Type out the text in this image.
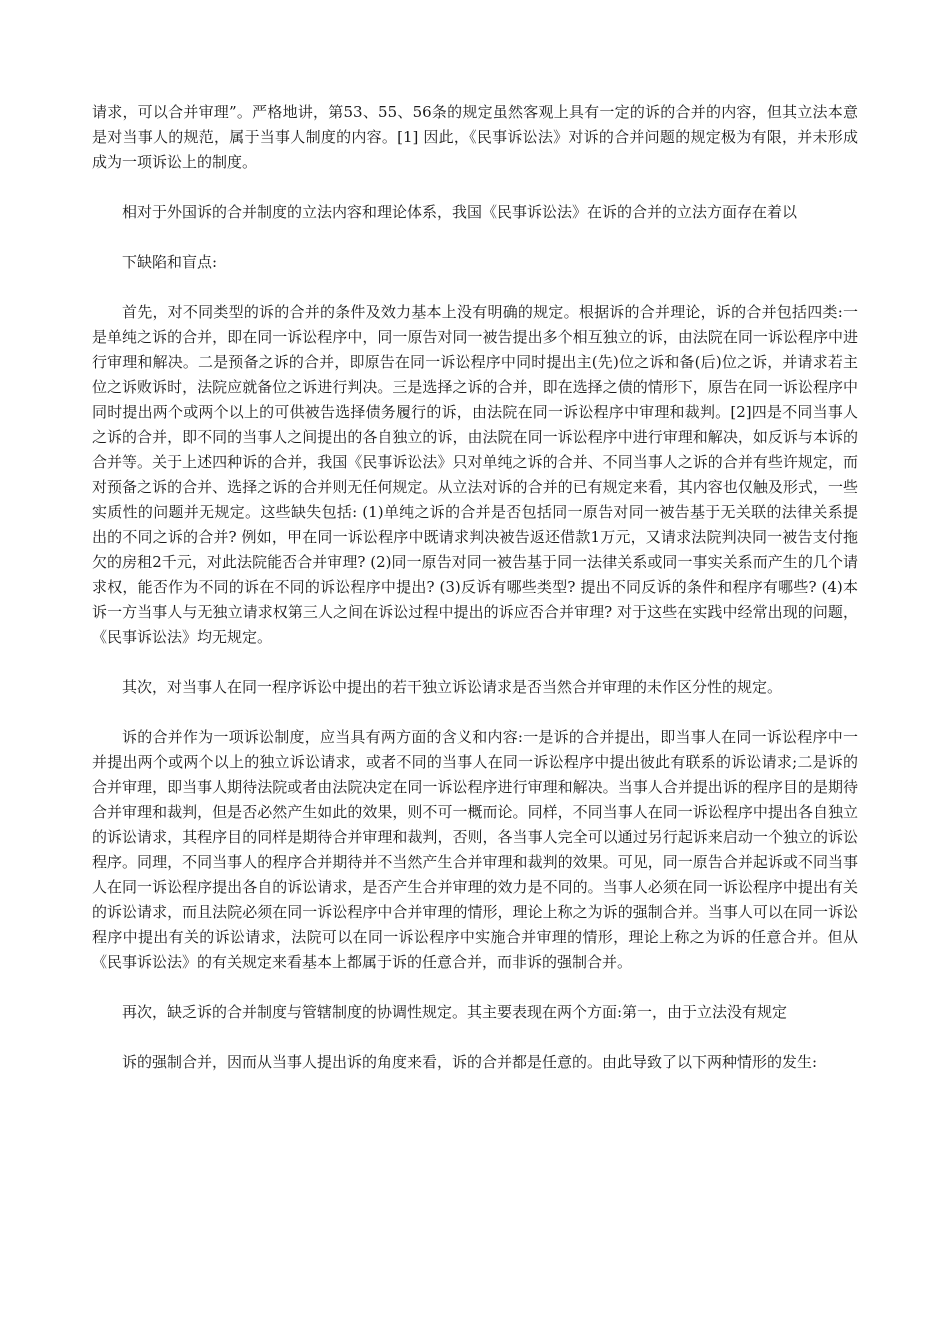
请求，可以合并审理”。严格地讲，第53、55、56条的规定虽然客观上具有一定的诉的合并的内容，但其立法本意是对当事人的规范，属于当事人制度的内容。[1] 因此，《民事诉讼法》对诉的合并问题的规定极为有限，并未形成成为一项诉讼上的制度。

相对于外国诉的合并制度的立法内容和理论体系，我国《民事诉讼法》在诉的合并的立法方面存在着以

下缺陷和盲点:

首先，对不同类型的诉的合并的条件及效力基本上没有明确的规定。根据诉的合并理论，诉的合并包括四类:一是单纯之诉的合并，即在同一诉讼程序中，同一原告对同一被告提出多个相互独立的诉，由法院在同一诉讼程序中进行审理和解决。二是预备之诉的合并，即原告在同一诉讼程序中同时提出主(先)位之诉和备(后)位之诉，并请求若主位之诉败诉时，法院应就备位之诉进行判决。三是选择之诉的合并，即在选择之债的情形下，原告在同一诉讼程序中同时提出两个或两个以上的可供被告选择债务履行的诉，由法院在同一诉讼程序中审理和裁判。[2]四是不同当事人之诉的合并，即不同的当事人之间提出的各自独立的诉，由法院在同一诉讼程序中进行审理和解决，如反诉与本诉的合并等。关于上述四种诉的合并，我国《民事诉讼法》只对单纯之诉的合并、不同当事人之诉的合并有些许规定，而对预备之诉的合并、选择之诉的合并则无任何规定。从立法对诉的合并的已有规定来看，其内容也仅触及形式，一些实质性的问题并无规定。这些缺失包括: (1)单纯之诉的合并是否包括同一原告对同一被告基于无关联的法律关系提出的不同之诉的合并? 例如，甲在同一诉讼程序中既请求判决被告返还借款1万元，又请求法院判决同一被告支付拖欠的房租2千元，对此法院能否合并审理? (2)同一原告对同一被告基于同一法律关系或同一事实关系而产生的几个请求权，能否作为不同的诉在不同的诉讼程序中提出? (3)反诉有哪些类型? 提出不同反诉的条件和程序有哪些? (4)本诉一方当事人与无独立请求权第三人之间在诉讼过程中提出的诉应否合并审理? 对于这些在实践中经常出现的问题，《民事诉讼法》均无规定。

其次，对当事人在同一程序诉讼中提出的若干独立诉讼请求是否当然合并审理的未作区分性的规定。

诉的合并作为一项诉讼制度，应当具有两方面的含义和内容:一是诉的合并提出，即当事人在同一诉讼程序中一并提出两个或两个以上的独立诉讼请求，或者不同的当事人在同一诉讼程序中提出彼此有联系的诉讼请求;二是诉的合并审理，即当事人期待法院或者由法院决定在同一诉讼程序进行审理和解决。当事人合并提出诉的程序目的是期待合并审理和裁判，但是否必然产生如此的效果，则不可一概而论。同样，不同当事人在同一诉讼程序中提出各自独立的诉讼请求，其程序目的同样是期待合并审理和裁判，否则，各当事人完全可以通过另行起诉来启动一个独立的诉讼程序。同理，不同当事人的程序合并期待并不当然产生合并审理和裁判的效果。可见，同一原告合并起诉或不同当事人在同一诉讼程序提出各自的诉讼请求，是否产生合并审理的效力是不同的。当事人必须在同一诉讼程序中提出有关的诉讼请求，而且法院必须在同一诉讼程序中合并审理的情形，理论上称之为诉的强制合并。当事人可以在同一诉讼程序中提出有关的诉讼请求，法院可以在同一诉讼程序中实施合并审理的情形，理论上称之为诉的任意合并。但从《民事诉讼法》的有关规定来看基本上都属于诉的任意合并，而非诉的强制合并。

再次，缺乏诉的合并制度与管辖制度的协调性规定。其主要表现在两个方面:第一，由于立法没有规定

诉的强制合并，因而从当事人提出诉的角度来看，诉的合并都是任意的。由此导致了以下两种情形的发生:
